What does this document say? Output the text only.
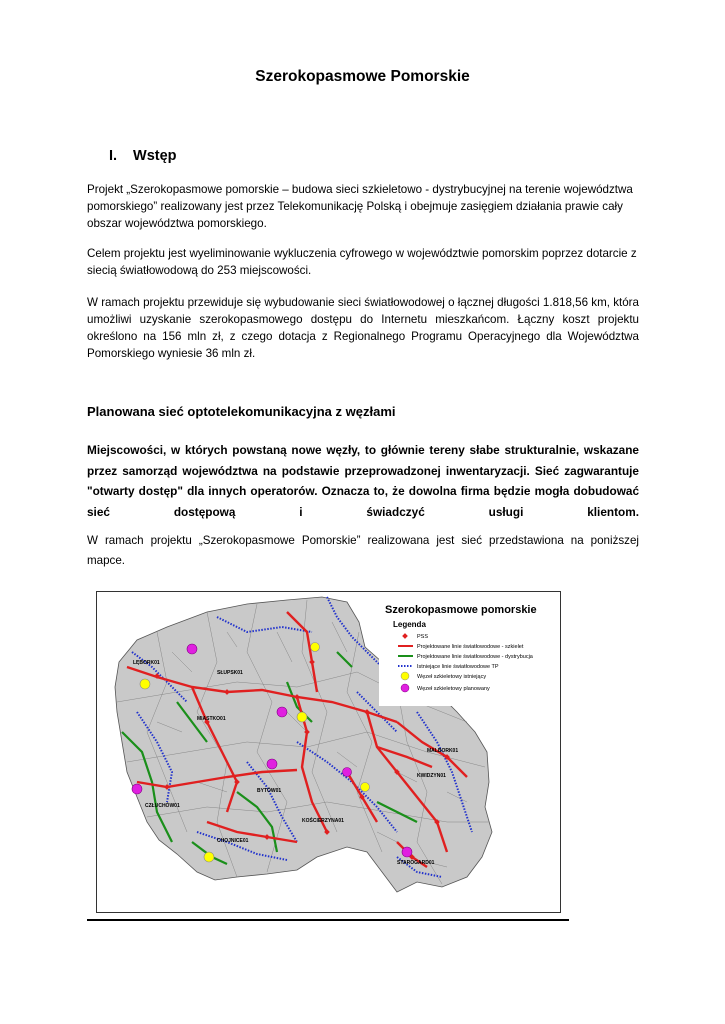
Szerokopasmowe Pomorskie
I. Wstęp
Projekt „Szerokopasmowe pomorskie – budowa sieci szkieletowo - dystrybucyjnej na terenie województwa pomorskiego” realizowany jest przez Telekomunikację Polską i obejmuje zasięgiem działania prawie cały obszar województwa pomorskiego.
Celem projektu jest wyeliminowanie wykluczenia cyfrowego w województwie pomorskim poprzez dotarcie z siecią światłowodową do 253 miejscowości.
W ramach projektu przewiduje się wybudowanie sieci światłowodowej o łącznej długości 1.818,56 km, która umożliwi uzyskanie szerokopasmowego dostępu do Internetu mieszkańcom. Łączny koszt projektu określono na 156 mln zł, z czego dotacja z Regionalnego Programu Operacyjnego dla Województwa Pomorskiego wyniesie 36 mln zł.
Planowana sieć optotelekomunikacyjna z węzłami
Miejscowości, w których powstaną nowe węzły, to głównie tereny słabe strukturalnie, wskazane przez samorząd województwa na podstawie przeprowadzonej inwentaryzacji. Sieć zagwarantuje "otwarty dostęp" dla innych operatorów. Oznacza to, że dowolna firma będzie mogła dobudować sieć dostępową i świadczyć usługi klientom.
W ramach projektu „Szerokopasmowe Pomorskie” realizowana jest sieć przedstawiona na poniższej mapce.
LĘBORK01
SŁUPSK01
MIASTKO01
CZŁUCHÓW01
BYTÓW01
CHOJNICE01
KOŚCIERZYNA01
KWIDZYN01
MALBORK01
STAROGARD01
Szerokopasmowe pomorskie
Legenda
PSS
Projektowane linie światłowodowe - szkielet
Projektowane linie światłowodowe - dystrybucja
Istniejące linie światłowodowe TP
Węzeł szkieletowy istniejący
Węzeł szkieletowy planowany
